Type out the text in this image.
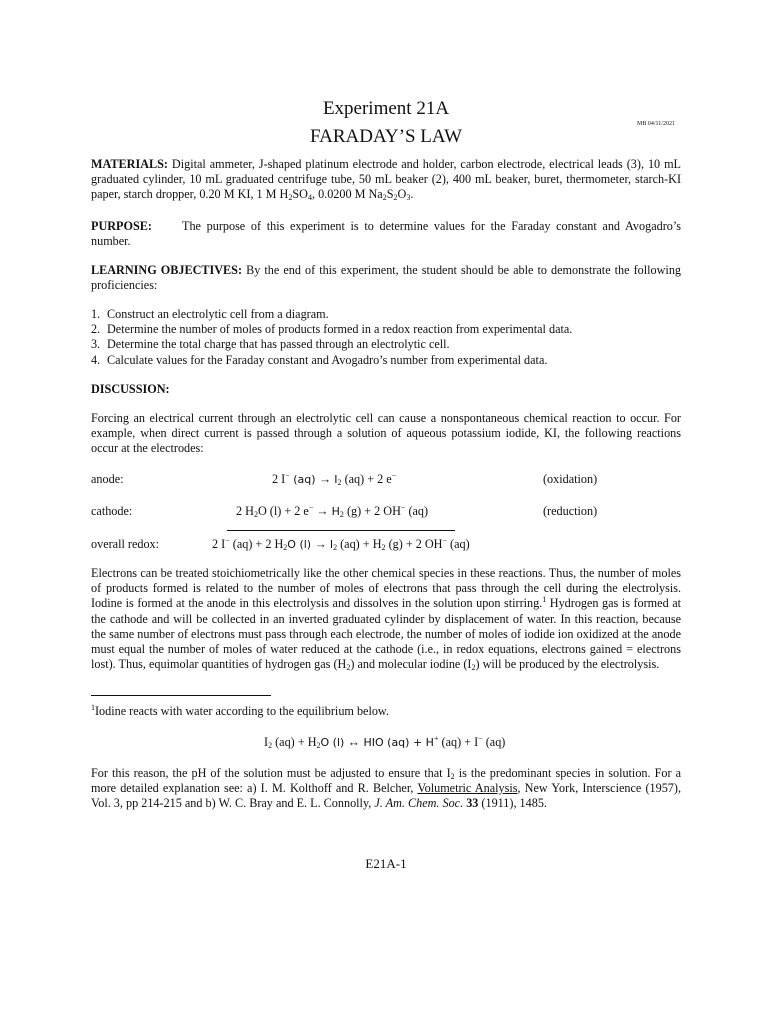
Experiment 21A
MB 04/11/2021
FARADAY’S LAW
MATERIALS: Digital ammeter, J-shaped platinum electrode and holder, carbon electrode, electrical leads (3), 10 mL graduated cylinder, 10 mL graduated centrifuge tube, 50 mL beaker (2), 400 mL beaker, buret, thermometer, starch-KI paper, starch dropper, 0.20 M KI, 1 M $H_2SO_4$, 0.0200 M $Na_2S_2O_3$.
PURPOSE: The purpose of this experiment is to determine values for the Faraday constant and Avogadro’s number.
LEARNING OBJECTIVES: By the end of this experiment, the student should be able to demonstrate the following proficiencies:
1. Construct an electrolytic cell from a diagram.
2. Determine the number of moles of products formed in a redox reaction from experimental data.
3. Determine the total charge that has passed through an electrolytic cell.
4. Calculate values for the Faraday constant and Avogadro’s number from experimental data.
DISCUSSION:
Forcing an electrical current through an electrolytic cell can cause a nonspontaneous chemical reaction to occur. For example, when direct current is passed through a solution of aqueous potassium iodide, KI, the following reactions occur at the electrodes:
anode:	2 I− $(aq) \to I_2$ (aq) + 2 e−	(oxidation)
cathode:	2 $H_2O$ (l) + 2 $e^- \to H_2$ (g) + 2 OH− (aq)	(reduction)
overall redox:	2 I− (aq) + 2 $H_2O$ $(l) \to I_2$ $(aq) + H_2$ (g) + 2 OH− (aq)
Electrons can be treated stoichiometrically like the other chemical species in these reactions. Thus, the number of moles of products formed is related to the number of moles of electrons that pass through the cell during the electrolysis. Iodine is formed at the anode in this electrolysis and dissolves in the solution upon stirring.$^1$ Hydrogen gas is formed at the cathode and will be collected in an inverted graduated cylinder by displacement of water. In this reaction, because the same number of electrons must pass through each electrode, the number of moles of iodide ion oxidized at the anode must equal the number of moles of water reduced at the cathode (i.e., in redox equations, electrons gained = electrons lost). Thus, equimolar quantities of hydrogen gas $(H_2)$ and molecular iodine $(I_2)$ will be produced by the electrolysis.
$^1$Iodine reacts with water according to the equilibrium below.
$I_2$ $(aq) + H_2O$ (l) ↔ HIO (aq) + H+ (aq) + I− (aq)
For this reason, the pH of the solution must be adjusted to ensure that $I_2$ is the predominant species in solution. For a more detailed explanation see: a) I. M. Kolthoff and R. Belcher, Volumetric Analysis, New York, Interscience (1957), Vol. 3, pp 214-215 and b) W. C. Bray and E. L. Connolly, J. Am. Chem. Soc. 33 (1911), 1485.
E21A-1
